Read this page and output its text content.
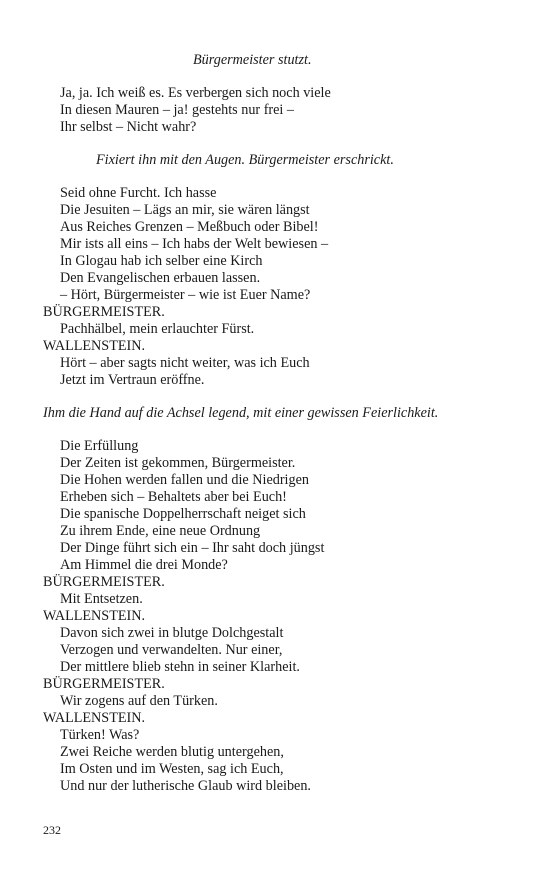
Bürgermeister stutzt.
Ja, ja. Ich weiß es. Es verbergen sich noch viele
In diesen Mauren – ja! gestehts nur frei –
Ihr selbst – Nicht wahr?
Fixiert ihn mit den Augen. Bürgermeister erschrickt.
Seid ohne Furcht. Ich hasse
Die Jesuiten – Lägs an mir, sie wären längst
Aus Reiches Grenzen – Meßbuch oder Bibel!
Mir ists all eins – Ich habs der Welt bewiesen –
In Glogau hab ich selber eine Kirch
Den Evangelischen erbauen lassen.
– Hört, Bürgermeister – wie ist Euer Name?
BÜRGERMEISTER.
Pachhälbel, mein erlauchter Fürst.
WALLENSTEIN.
Hört – aber sagts nicht weiter, was ich Euch
Jetzt im Vertraun eröffne.
Ihm die Hand auf die Achsel legend, mit einer gewissen Feierlichkeit.
Die Erfüllung
Der Zeiten ist gekommen, Bürgermeister.
Die Hohen werden fallen und die Niedrigen
Erheben sich – Behaltets aber bei Euch!
Die spanische Doppelherrschaft neiget sich
Zu ihrem Ende, eine neue Ordnung
Der Dinge führt sich ein – Ihr saht doch jüngst
Am Himmel die drei Monde?
BÜRGERMEISTER.
Mit Entsetzen.
WALLENSTEIN.
Davon sich zwei in blutge Dolchgestalt
Verzogen und verwandelten. Nur einer,
Der mittlere blieb stehn in seiner Klarheit.
BÜRGERMEISTER.
Wir zogens auf den Türken.
WALLENSTEIN.
Türken! Was?
Zwei Reiche werden blutig untergehen,
Im Osten und im Westen, sag ich Euch,
Und nur der lutherische Glaub wird bleiben.
232
